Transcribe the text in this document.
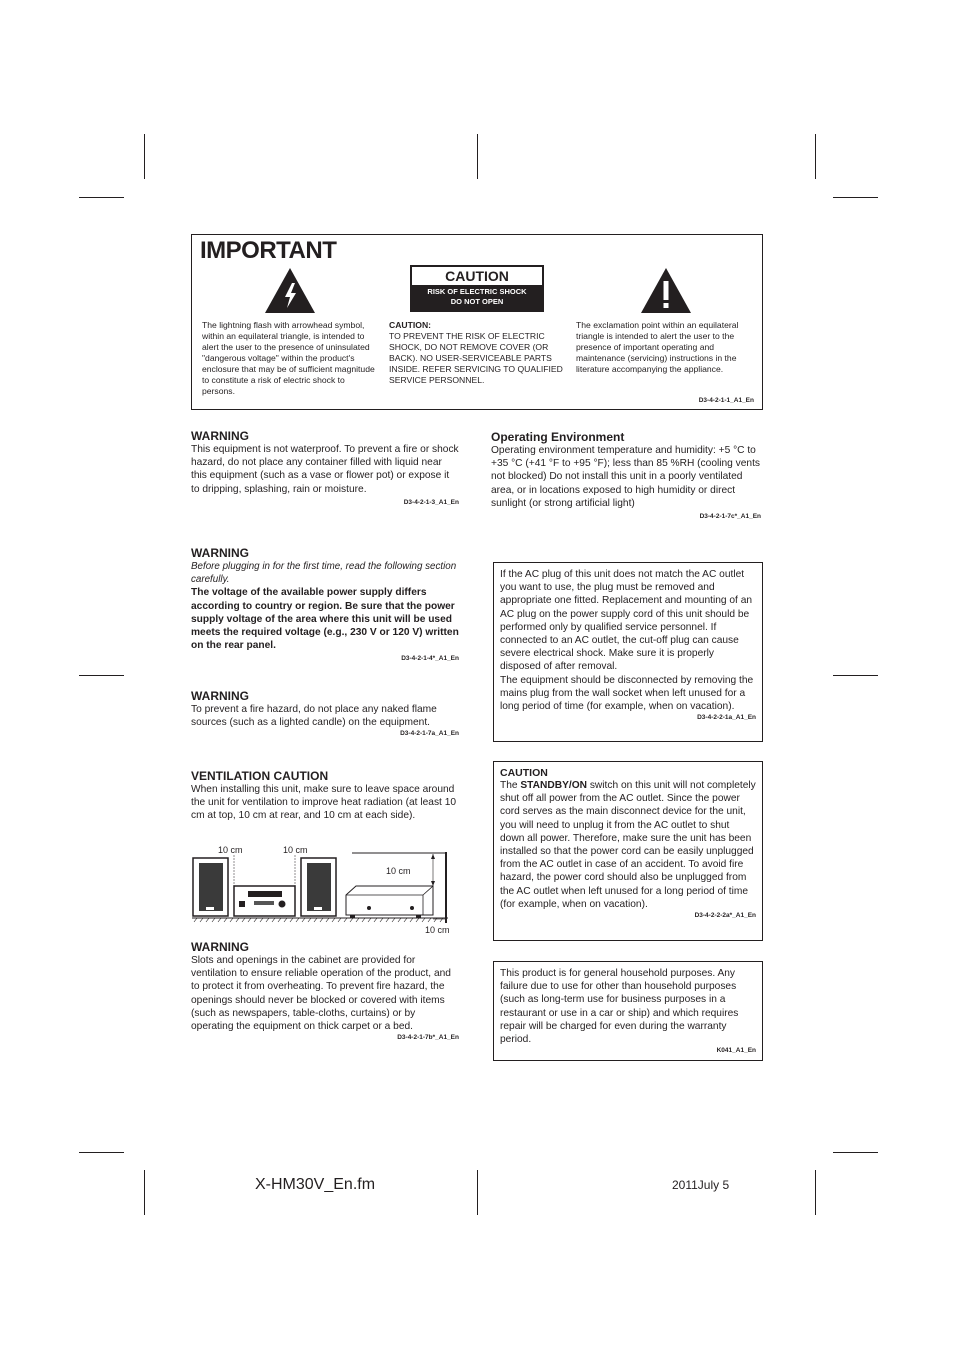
IMPORTANT
CAUTION
RISK OF ELECTRIC SHOCK
DO NOT OPEN
The lightning flash with arrowhead symbol, within an equilateral triangle, is intended to alert the user to the presence of uninsulated "dangerous voltage" within the product's enclosure that may be of sufficient magnitude to constitute a risk of electric shock to persons.
CAUTION:
TO PREVENT THE RISK OF ELECTRIC SHOCK, DO NOT REMOVE COVER (OR BACK). NO USER-SERVICEABLE PARTS INSIDE. REFER SERVICING TO QUALIFIED SERVICE PERSONNEL.
The exclamation point within an equilateral triangle is intended to alert the user to the presence of important operating and maintenance (servicing) instructions in the literature accompanying the appliance.
D3-4-2-1-1_A1_En
WARNING
This equipment is not waterproof. To prevent a fire or shock hazard, do not place any container filled with liquid near this equipment (such as a vase or flower pot) or expose it to dripping, splashing, rain or moisture.
D3-4-2-1-3_A1_En
WARNING
Before plugging in for the first time, read the following section carefully.
The voltage of the available power supply differs according to country or region. Be sure that the power supply voltage of the area where this unit will be used meets the required voltage (e.g., 230 V or 120 V) written on the rear panel.
D3-4-2-1-4*_A1_En
WARNING
To prevent a fire hazard, do not place any naked flame sources (such as a lighted candle) on the equipment.
D3-4-2-1-7a_A1_En
VENTILATION CAUTION
When installing this unit, make sure to leave space around the unit for ventilation to improve heat radiation (at least 10 cm at top, 10 cm at rear, and 10 cm at each side).
10 cm	10 cm
10 cm
10 cm
WARNING
Slots and openings in the cabinet are provided for ventilation to ensure reliable operation of the product, and to protect it from overheating. To prevent fire hazard, the openings should never be blocked or covered with items (such as newspapers, table-cloths, curtains) or by operating the equipment on thick carpet or a bed.
D3-4-2-1-7b*_A1_En
Operating Environment
Operating environment temperature and humidity: +5 °C to +35 °C (+41 °F to +95 °F); less than 85 %RH (cooling vents not blocked) Do not install this unit in a poorly ventilated area, or in locations exposed to high humidity or direct sunlight (or strong artificial light)
D3-4-2-1-7c*_A1_En
If the AC plug of this unit does not match the AC outlet you want to use, the plug must be removed and appropriate one fitted. Replacement and mounting of an AC plug on the power supply cord of this unit should be performed only by qualified service personnel. If connected to an AC outlet, the cut-off plug can cause severe electrical shock. Make sure it is properly disposed of after removal.
The equipment should be disconnected by removing the mains plug from the wall socket when left unused for a long period of time (for example, when on vacation).
D3-4-2-2-1a_A1_En
CAUTION
The STANDBY/ON switch on this unit will not completely shut off all power from the AC outlet. Since the power cord serves as the main disconnect device for the unit, you will need to unplug it from the AC outlet to shut down all power. Therefore, make sure the unit has been installed so that the power cord can be easily unplugged from the AC outlet in case of an accident. To avoid fire hazard, the power cord should also be unplugged from the AC outlet when left unused for a long period of time (for example, when on vacation).
D3-4-2-2-2a*_A1_En
This product is for general household purposes. Any failure due to use for other than household purposes (such as long-term use for business purposes in a restaurant or use in a car or ship) and which requires repair will be charged for even during the warranty period.
K041_A1_En
X-HM30V_En.fm	2011July 5
